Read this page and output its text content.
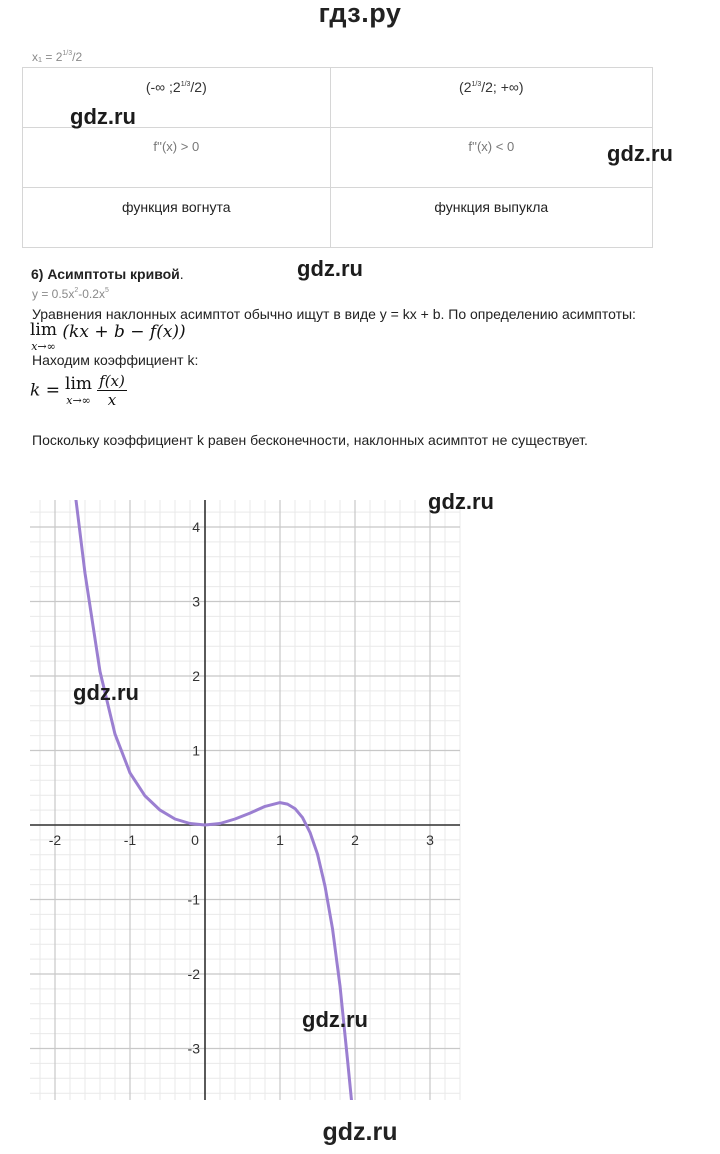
гдз.ру
$x_1 = 2^{1/3}/2$
(-∞ $;2^{1/3}/2$)	($2^{1/3}/2$; +∞)
f''(x) > 0	f''(x) < 0
функция вогнута	функция выпукла
gdz.ru
gdz.ru
gdz.ru
6) Асимптоты кривой.
$y = 0.5x^2-0.2x^5$
Уравнения наклонных асимптот обычно ищут в виде y = kx + b. По определению асимптоты:
lim
x→∞
(kx + b − f(x))
Находим коэффициент k:
k = lim
x→∞
$\frac{f(x)}{x}$
Поскольку коэффициент k равен бесконечности, наклонных асимптот не существует.
-2	-1	0	1	2	3
4
3
2
1
-1
-2
-3
gdz.ru
gdz.ru
gdz.ru
gdz.ru
